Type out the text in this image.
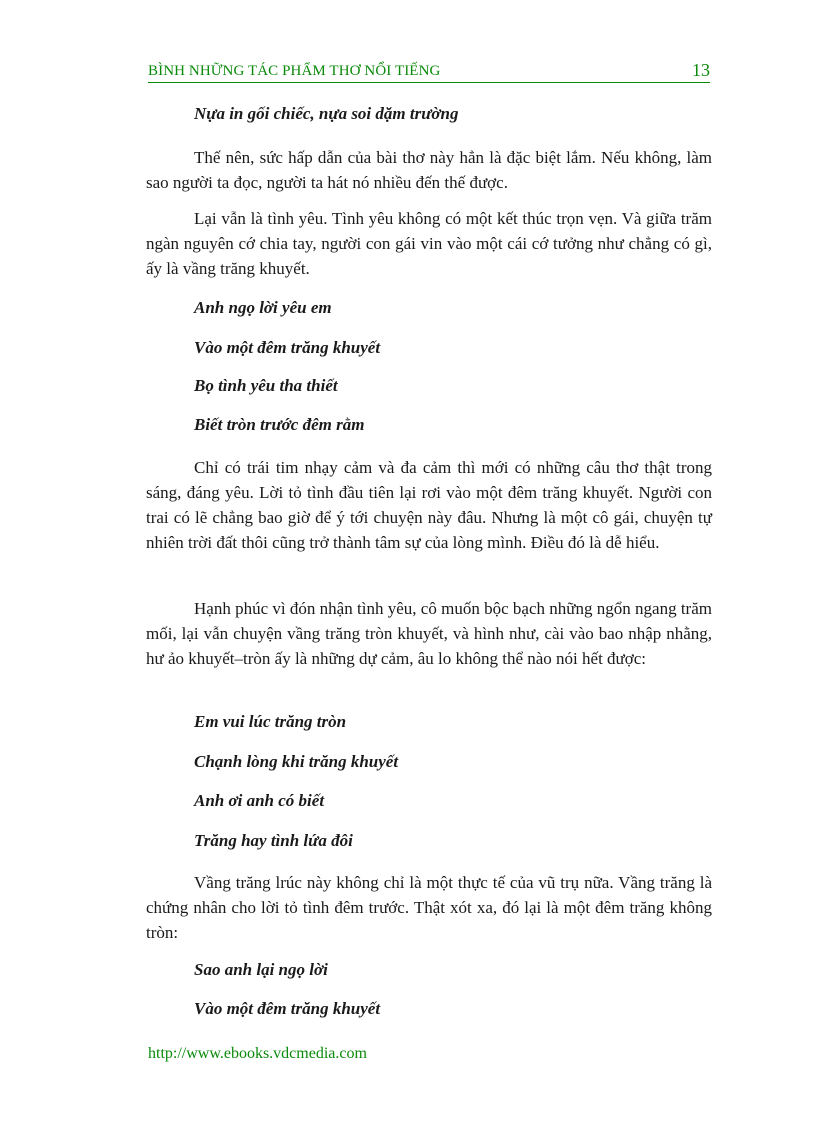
BÌNH NHỮNG TÁC PHẨM THƠ NỔI TIẾNG	13
Nựa in gối chiếc, nựa soi dặm trường
Thế nên, sức hấp dẫn của bài thơ này hẳn là đặc biệt lắm. Nếu không, làm sao người ta đọc, người ta hát nó nhiều đến thế được.
Lại vẫn là tình yêu. Tình yêu không có một kết thúc trọn vẹn. Và giữa trăm ngàn nguyên cớ chia tay, người con gái vin vào một cái cớ tưởng như chẳng có gì, ấy là vầng trăng khuyết.
Anh ngọ lời yêu em
Vào một đêm trăng khuyết
Bọ tình yêu tha thiết
Biết tròn trước đêm rằm
Chỉ có trái tim nhạy cảm và đa cảm thì mới có những câu thơ thật trong sáng, đáng yêu. Lời tỏ tình đầu tiên lại rơi vào một đêm trăng khuyết. Người con trai có lẽ chẳng bao giờ để ý tới chuyện này đâu. Nhưng là một cô gái, chuyện tự nhiên trời đất thôi cũng trở thành tâm sự của lòng mình. Điều đó là dễ hiểu.
Hạnh phúc vì đón nhận tình yêu, cô muốn bộc bạch những ngổn ngang trăm mối, lại vẫn chuyện vầng trăng tròn khuyết, và hình như, cài vào bao nhập nhằng, hư ảo khuyết–tròn ấy là những dự cảm, âu lo không thể nào nói hết được:
Em vui lúc trăng tròn
Chạnh lòng khi trăng khuyết
Anh ơi anh có biết
Trăng hay tình lứa đôi
Vầng trăng lrúc này không chỉ là một thực tế của vũ trụ nữa. Vầng trăng là chứng nhân cho lời tỏ tình đêm trước. Thật xót xa, đó lại là một đêm trăng không tròn:
Sao anh lại ngọ lời
Vào một đêm trăng khuyết
http://www.ebooks.vdcmedia.com
